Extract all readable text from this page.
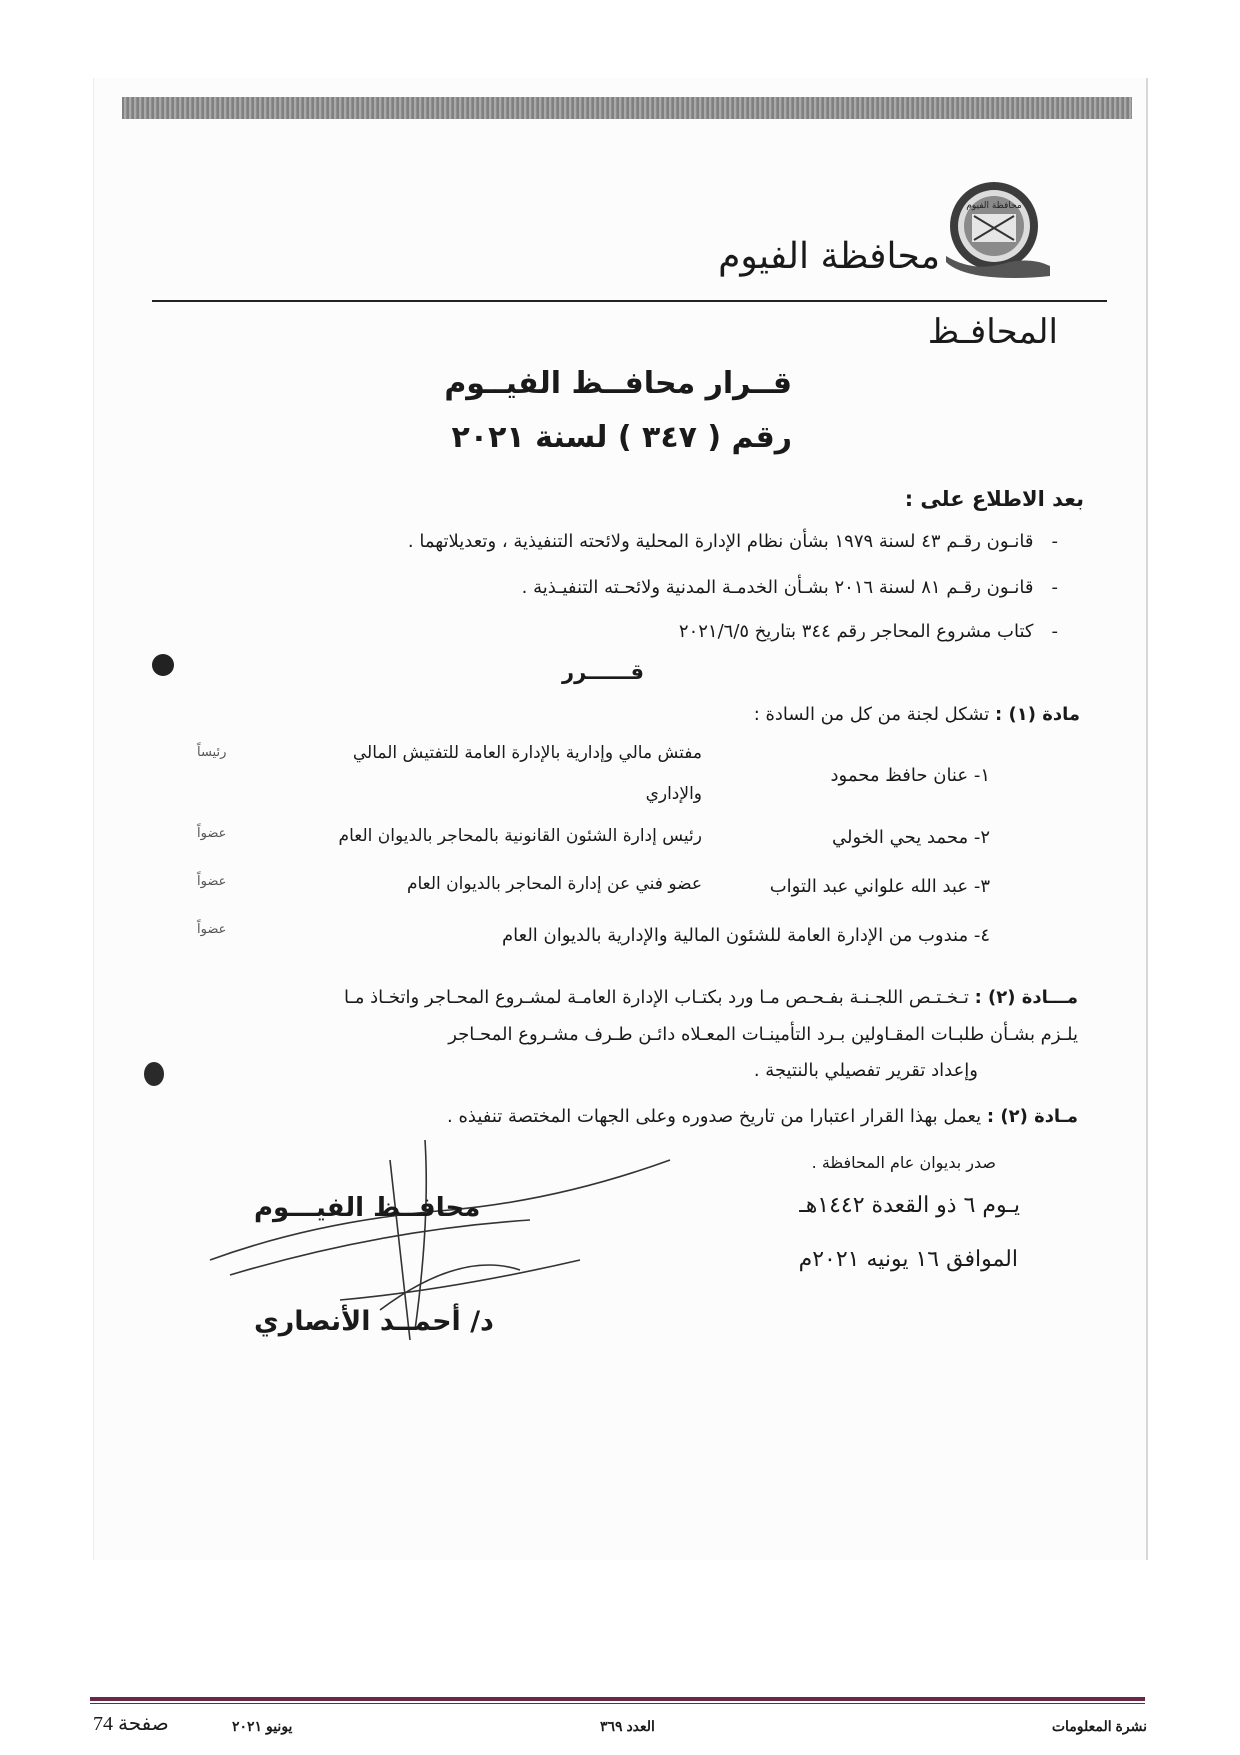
محافظة الفيوم
محافظة الفيوم
المحافـظ
قــرار محافــظ الفيــوم
رقم ( ٣٤٧ ) لسنة ٢٠٢١
بعد الاطلاع على :
-قانـون رقـم ٤٣ لسنة ١٩٧٩ بشأن نظام الإدارة المحلية ولائحته التنفيذية ، وتعديلاتهما .
-قانـون رقـم ٨١ لسنة ٢٠١٦ بشـأن الخدمـة المدنية ولائحـته التنفيـذية .
-كتاب مشروع المحاجر رقم ٣٤٤ بتاريخ ٢٠٢١/٦/٥
قــــــرر
مادة (١) : تشكل لجنة من كل من السادة :
١- عنان حافظ محمود
مفتش مالي وإدارية بالإدارة العامة للتفتيش المالي
والإداري
رئيساً
٢- محمد يحي الخولي
رئيس إدارة الشئون القانونية بالمحاجر بالديوان العام
عضواً
٣- عبد الله علواني عبد التواب
عضو فني عن إدارة المحاجر بالديوان العام
عضواً
٤- مندوب من الإدارة العامة للشئون المالية والإدارية بالديوان العام
عضواً
مـــادة (٢) : تـخـتـص اللجـنـة بفـحـص مـا ورد بكتـاب الإدارة العامـة لمشـروع المحـاجر واتخـاذ مـا
يلـزم بشـأن طلبـات المقـاولين بـرد التأمينـات المعـلاه دائـن طـرف مشـروع المحـاجر
وإعداد تقرير تفصيلي بالنتيجة .
مـادة (٢) : يعمل بهذا القرار اعتبارا من تاريخ صدوره وعلى الجهات المختصة تنفيذه .
صدر بديوان عام المحافظة .
يـوم ٦ ذو القعدة ١٤٤٢هـ
الموافق ١٦ يونيه ٢٠٢١م
محافــظ الفيـــوم
د/ أحمــد الأنصاري
نشرة المعلومات
العدد ٣٦٩
يونيو ٢٠٢١
صفحة 74
